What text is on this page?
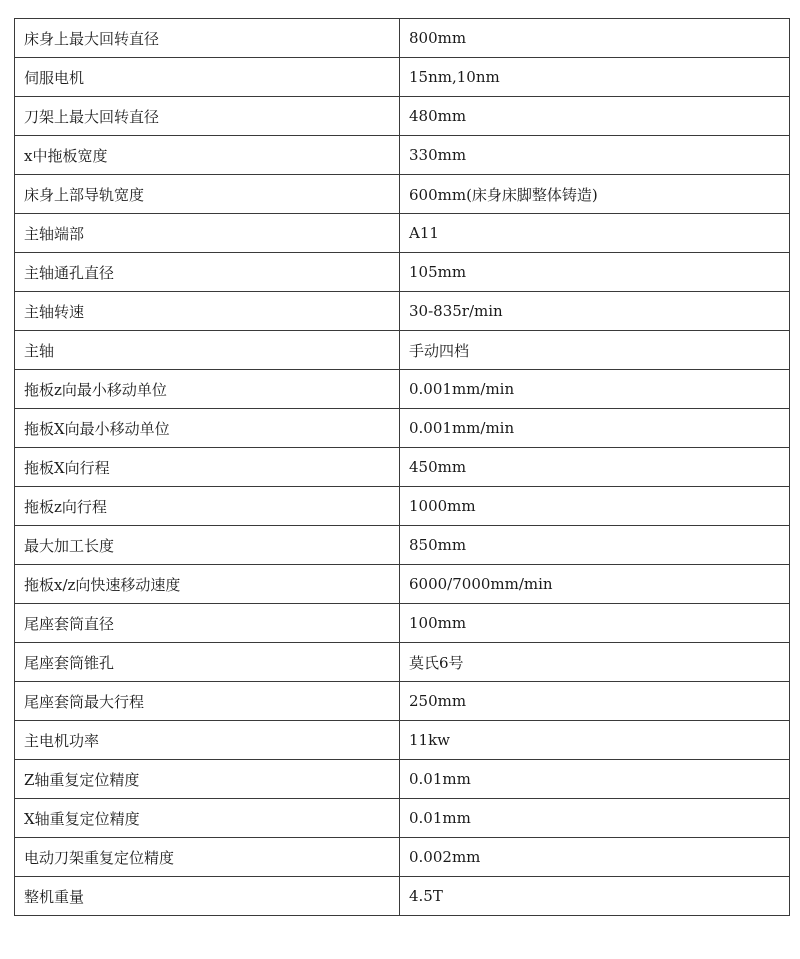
床身上最大回转直径	800mm
伺服电机	15nm,10nm
刀架上最大回转直径	480mm
x中拖板宽度	330mm
床身上部导轨宽度	600mm(床身床脚整体铸造)
主轴端部	A11
主轴通孔直径	105mm
主轴转速	30-835r/min
主轴	手动四档
拖板z向最小移动单位	0.001mm/min
拖板X向最小移动单位	0.001mm/min
拖板X向行程	450mm
拖板z向行程	1000mm
最大加工长度	850mm
拖板x/z向快速移动速度	6000/7000mm/min
尾座套筒直径	100mm
尾座套筒锥孔	莫氏6号
尾座套筒最大行程	250mm
主电机功率	11kw
Z轴重复定位精度	0.01mm
X轴重复定位精度	0.01mm
电动刀架重复定位精度	0.002mm
整机重量	4.5T
